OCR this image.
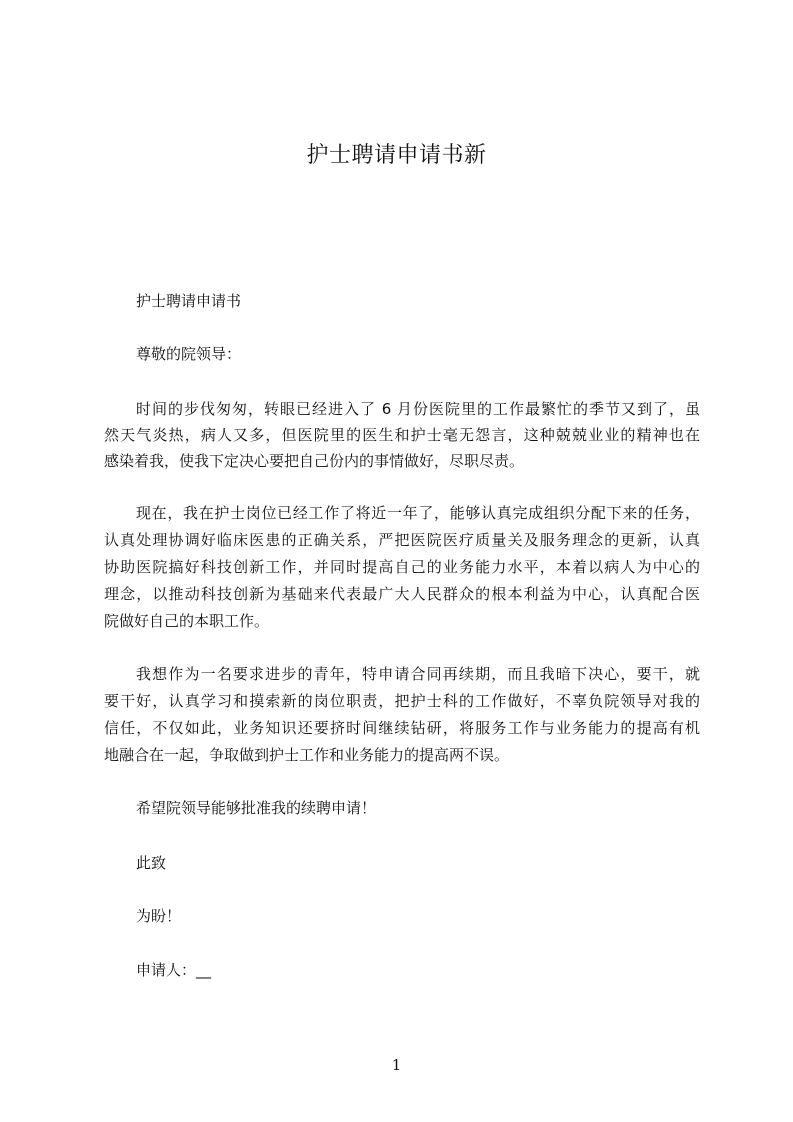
护士聘请申请书新

护士聘请申请书

尊敬的院领导：

时间的步伐匆匆，转眼已经进入了 6 月份医院里的工作最繁忙的季节又到了，虽

然天气炎热，病人又多，但医院里的医生和护士毫无怨言，这种兢兢业业的精神也在

感染着我，使我下定决心要把自己份内的事情做好，尽职尽责。

现在，我在护士岗位已经工作了将近一年了，能够认真完成组织分配下来的任务，

认真处理协调好临床医患的正确关系，严把医院医疗质量关及服务理念的更新，认真

协助医院搞好科技创新工作，并同时提高自己的业务能力水平，本着以病人为中心的

理念，以推动科技创新为基础来代表最广大人民群众的根本利益为中心，认真配合医

院做好自己的本职工作。

我想作为一名要求进步的青年，特申请合同再续期，而且我暗下决心，要干，就

要干好，认真学习和摸索新的岗位职责，把护士科的工作做好，不辜负院领导对我的

信任，不仅如此，业务知识还要挤时间继续钻研，将服务工作与业务能力的提高有机

地融合在一起，争取做到护士工作和业务能力的提高两不误。

希望院领导能够批准我的续聘申请！

此致

为盼！

申请人：__

1
